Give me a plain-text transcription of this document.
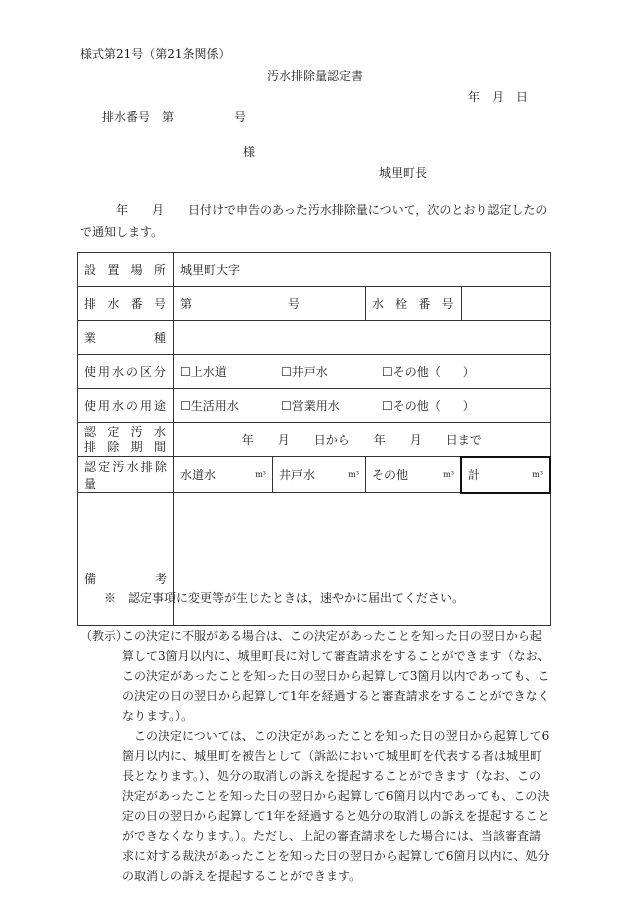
様式第21号（第21条関係）
汚水排除量認定書
年　月　日
排水番号　 第	号
様
城里町長
年　　月　　日付けで申告のあった汚水排除量について，次のとおり認定したので通知します。
設置場所	城里町大字			
排水番号	第 号		水栓番号	
業種				
使用水の区分	☐上水道 ☐井戸水 ☐その他（ ）			

使用水の用途	☐生活用水 ☐営業用水 ☐その他（ ）			

認定汚水
排除期間	年　　月　　日から　　年　　月　　日まで			
認定汚水排除量	水道水 m³	井戸水 m³	その他 m³	計 m³

備 考				

※　認定事項に変更等が生じたときは，速やかに届出てください。
（教示）

この決定に不服がある場合は、この決定があったことを知った日の翌日から起算して3箇月以内に、城里町長に対して審査請求をすることができます（なお、この決定があったことを知った日の翌日から起算して3箇月以内であっても、この決定の日の翌日から起算して1年を経過すると審査請求をすることができなくなります。）。

この決定については、この決定があったことを知った日の翌日から起算して6箇月以内に、城里町を被告として（訴訟において城里町を代表する者は城里町長となります。）、処分の取消しの訴えを提起することができます（なお、この決定があったことを知った日の翌日から起算して6箇月以内であっても、この決定の日の翌日から起算して1年を経過すると処分の取消しの訴えを提起することができなくなります。）。ただし、上記の審査請求をした場合には、当該審査請求に対する裁決があったことを知った日の翌日から起算して6箇月以内に、処分の取消しの訴えを提起することができます。
